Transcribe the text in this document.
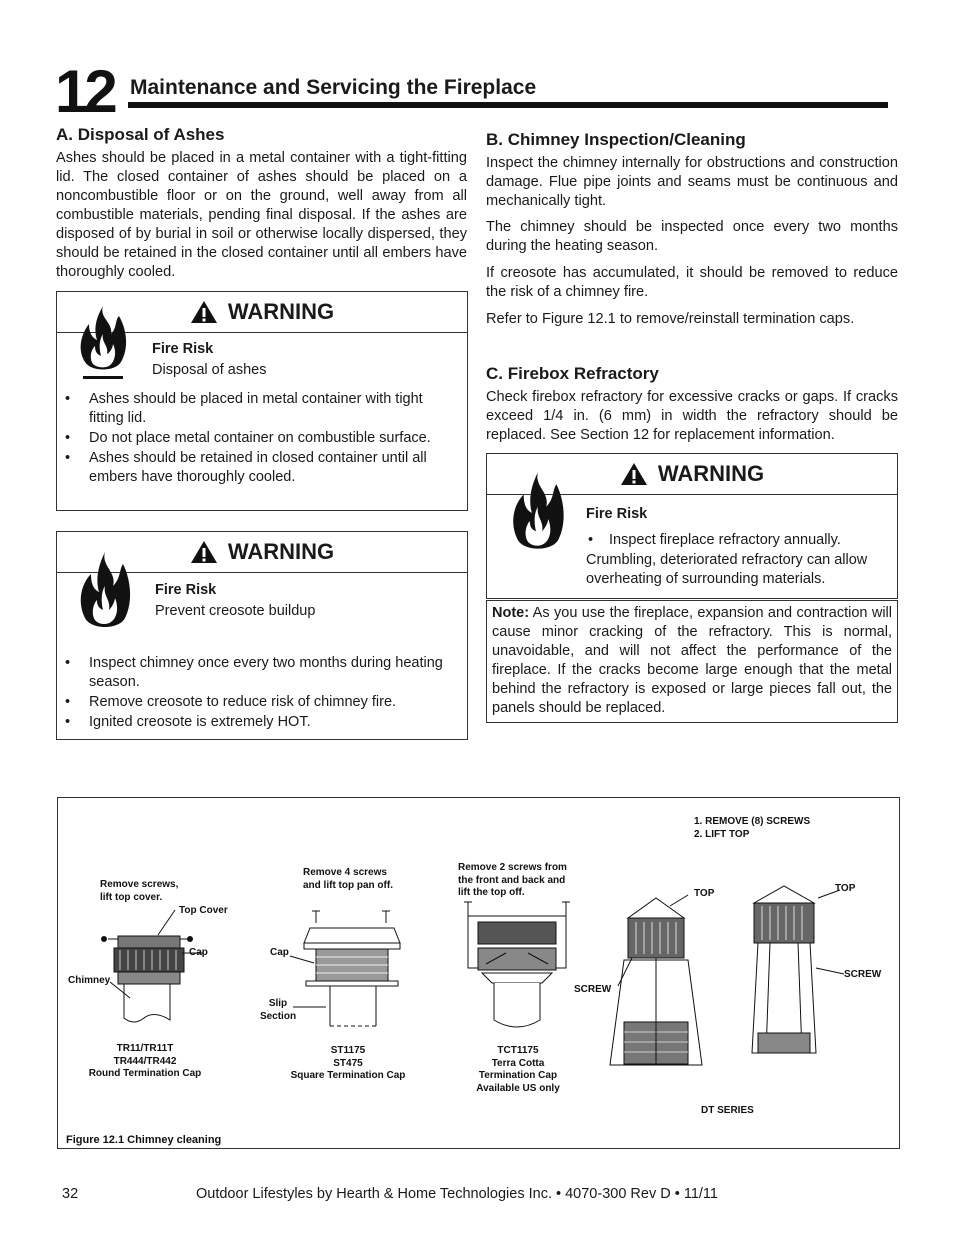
12 Maintenance and Servicing the Fireplace
A. Disposal of Ashes

Ashes should be placed in a metal container with a tight-fitting lid. The closed container of ashes should be placed on a noncombustible floor or on the ground, well away from all combustible materials, pending final disposal. If the ashes are disposed of by burial in soil or otherwise locally dispersed, they should be retained in the closed container until all embers have thoroughly cooled.

WARNING
Fire Risk
Disposal of ashes
• Ashes should be placed in metal container with tight fitting lid.
• Do not place metal container on combustible surface.
• Ashes should be retained in closed container until all embers have thoroughly cooled.
WARNING
Fire Risk
Prevent creosote buildup
• Inspect chimney once every two months during heating season.
• Remove creosote to reduce risk of chimney fire.
• Ignited creosote is extremely HOT.
B. Chimney Inspection/Cleaning

Inspect the chimney internally for obstructions and construction damage. Flue pipe joints and seams must be continuous and mechanically tight.

The chimney should be inspected once every two months during the heating season.

If creosote has accumulated, it should be removed to reduce the risk of a chimney fire.

Refer to Figure 12.1 to remove/reinstall termination caps.

C. Firebox Refractory

Check firebox refractory for excessive cracks or gaps. If cracks exceed 1/4 in. (6 mm) in width the refractory should be replaced. See Section 12 for replacement information.

WARNING
Fire Risk
• Inspect fireplace refractory annually.
Crumbling, deteriorated refractory can allow overheating of surrounding materials.
Note: As you use the fireplace, expansion and contraction will cause minor cracking of the refractory. This is normal, unavoidable, and will not affect the performance of the fireplace. If the cracks become large enough that the metal behind the refractory is exposed or large pieces fall out, the panels should be replaced.
Remove screws,
lift top cover.
Top Cover
Cap
Chimney
TR11/TR11T
TR444/TR442
Round Termination Cap
Remove 4 screws
and lift top pan off.
Cap
Slip
Section
ST1175
ST475
Square Termination Cap
Remove 2 screws from
the front and back and
lift the top off.
TCT1175
Terra Cotta
Termination Cap
Available US only
1. REMOVE (8) SCREWS
2. LIFT TOP
TOP	TOP
SCREW
SCREW
DT SERIES
Figure 12.1 Chimney cleaning
32	Outdoor Lifestyles by Hearth & Home Technologies Inc. • 4070-300 Rev D • 11/11
